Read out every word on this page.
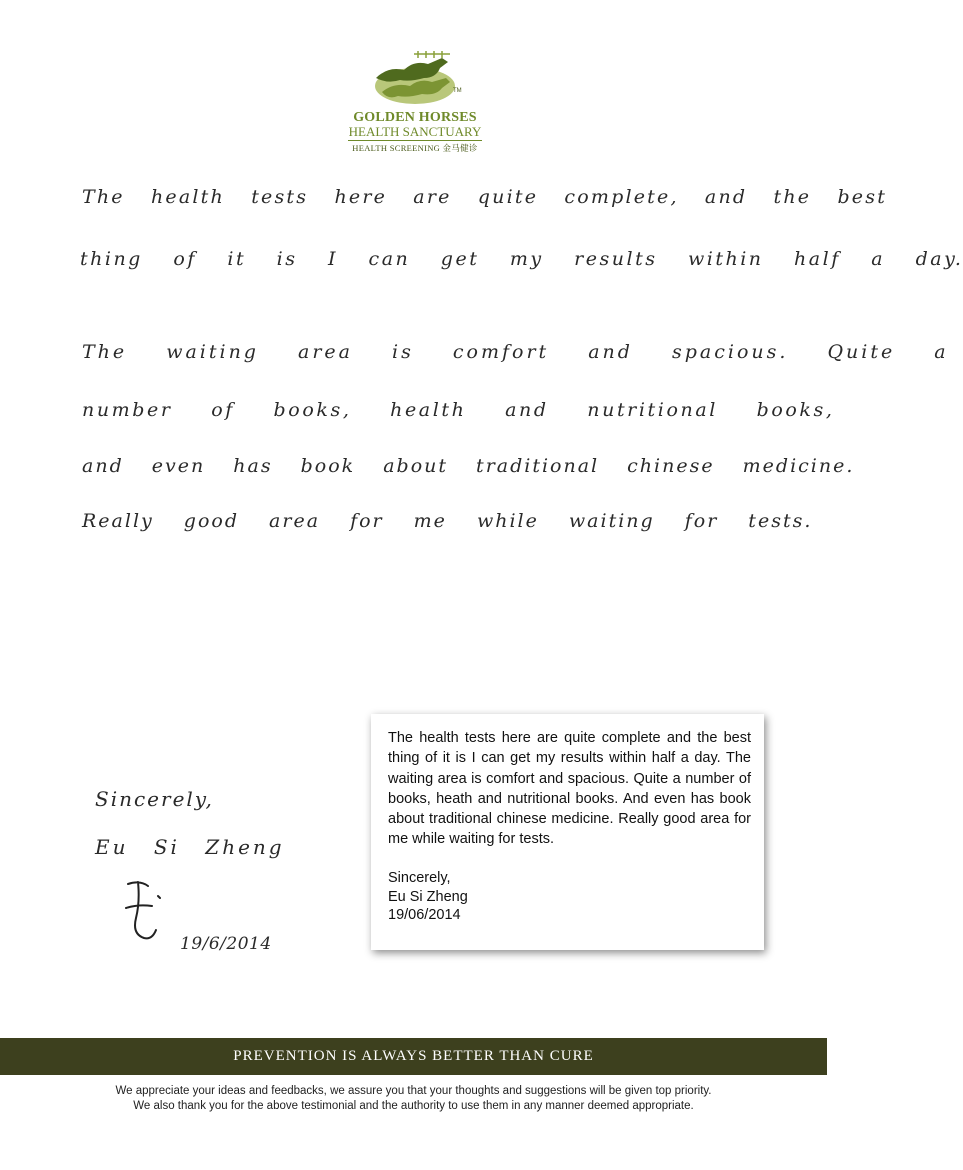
TM
GOLDEN HORSES
HEALTH SANCTUARY
HEALTH SCREENING 金马健诊
The health tests here are quite complete, and the best
thing of it is I can get my results within half a day.
The waiting area is comfort and spacious. Quite a
number of books, health and nutritional books,
and even has book about traditional chinese medicine.
Really good area for me while waiting for tests.
Sincerely,
Eu Si Zheng
19/6/2014
The health tests here are quite complete and the best thing of it is I can get my results within half a day. The waiting area is comfort and spacious. Quite a number of books, heath and nutritional books. And even has book about traditional chinese medicine. Really good area for me while waiting for tests.
Sincerely,
Eu Si Zheng
19/06/2014
PREVENTION IS ALWAYS BETTER THAN CURE
We appreciate your ideas and feedbacks, we assure you that your thoughts and suggestions will be given top priority.
We also thank you for the above testimonial and the authority to use them in any manner deemed appropriate.
